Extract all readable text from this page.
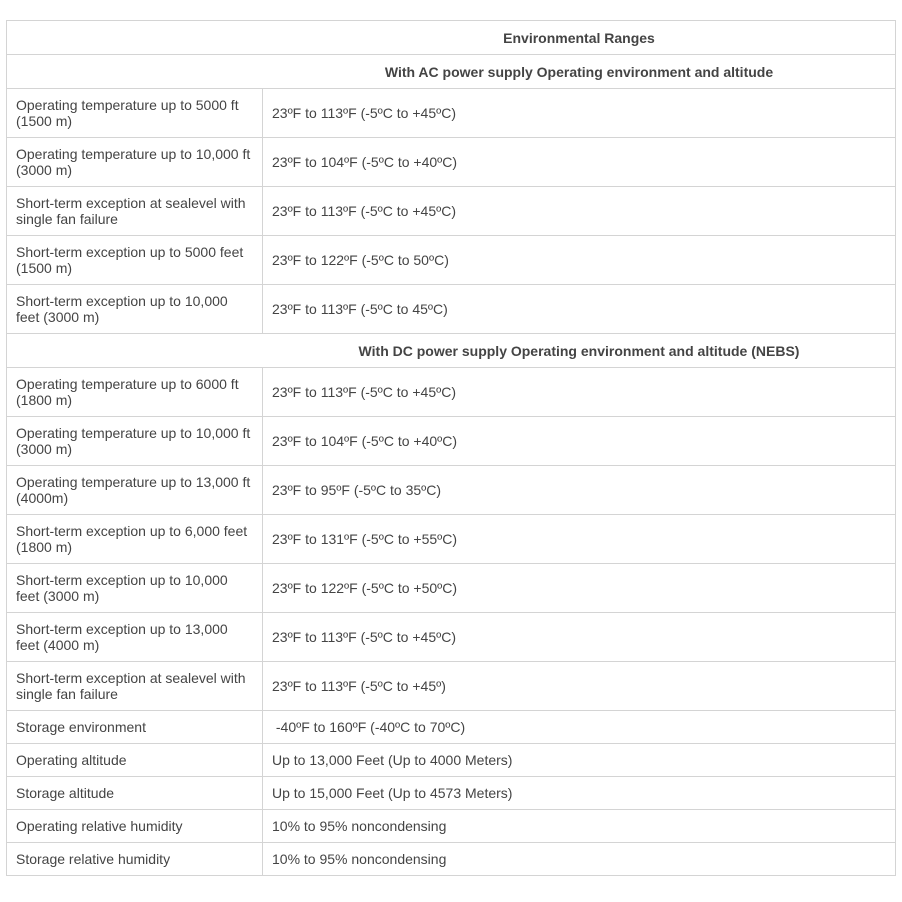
Environmental Ranges
With AC power supply Operating environment and altitude
Operating temperature up to 5000 ft (1500 m)	23ºF to 113ºF (-5ºC to +45ºC)
Operating temperature up to 10,000 ft (3000 m)	23ºF to 104ºF (-5ºC to +40ºC)
Short-term exception at sealevel with single fan failure	23ºF to 113ºF (-5ºC to +45ºC)
Short-term exception up to 5000 feet (1500 m)	23ºF to 122ºF (-5ºC to 50ºC)
Short-term exception up to 10,000 feet (3000 m)	23ºF to 113ºF (-5ºC to 45ºC)
With DC power supply Operating environment and altitude (NEBS)
Operating temperature up to 6000 ft (1800 m)	23ºF to 113ºF (-5ºC to +45ºC)
Operating temperature up to 10,000 ft (3000 m)	23ºF to 104ºF (-5ºC to +40ºC)
Operating temperature up to 13,000 ft (4000m)	23ºF to 95ºF (-5ºC to 35ºC)
Short-term exception up to 6,000 feet (1800 m)	23ºF to 131ºF (-5ºC to +55ºC)
Short-term exception up to 10,000 feet (3000 m)	23ºF to 122ºF (-5ºC to +50ºC)
Short-term exception up to 13,000 feet (4000 m)	23ºF to 113ºF (-5ºC to +45ºC)
Short-term exception at sealevel with single fan failure	23ºF to 113ºF (-5ºC to +45º)
Storage environment	-40ºF to 160ºF (-40ºC to 70ºC)
Operating altitude	Up to 13,000 Feet (Up to 4000 Meters)
Storage altitude	Up to 15,000 Feet (Up to 4573 Meters)
Operating relative humidity	10% to 95% noncondensing
Storage relative humidity	10% to 95% noncondensing
